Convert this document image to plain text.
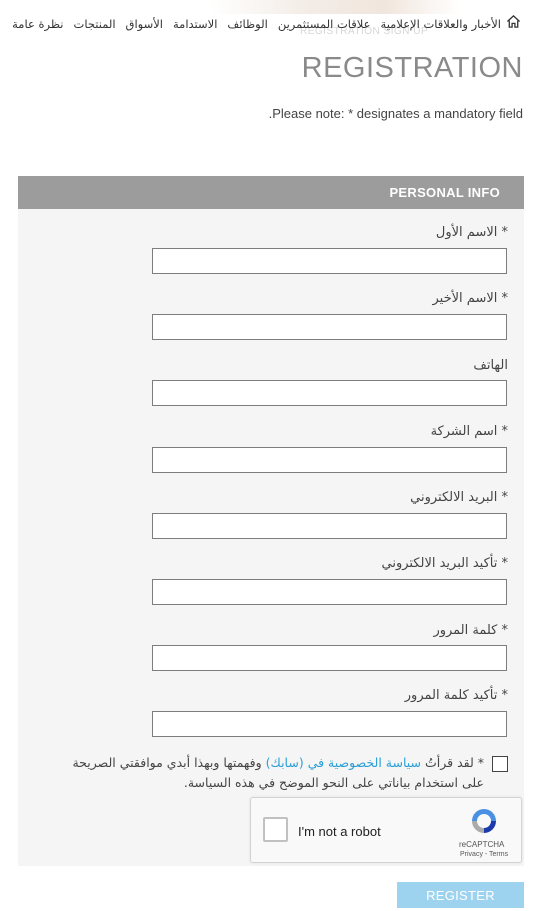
REGISTRATION SIGN UP
نظرة عامة المنتجات الأسواق الاستدامة الوظائف علاقات المستثمرين الأخبار والعلاقات الإعلامية
REGISTRATION
.Please note: * designates a mandatory field
PERSONAL INFO
* الاسم الأول
* الاسم الأخير
الهاتف
* اسم الشركة
* البريد الالكتروني
* تأكيد البريد الالكتروني
* كلمة المرور
* تأكيد كلمة المرور
* لقد قرأتُ سياسة الخصوصية في (سابك) وفهمتها وبهذا أبدي موافقتي الصريحة على استخدام بياناتي على النحو الموضح في هذه السياسة.
I'm not a robot
reCAPTCHA
Privacy - Terms
REGISTER
